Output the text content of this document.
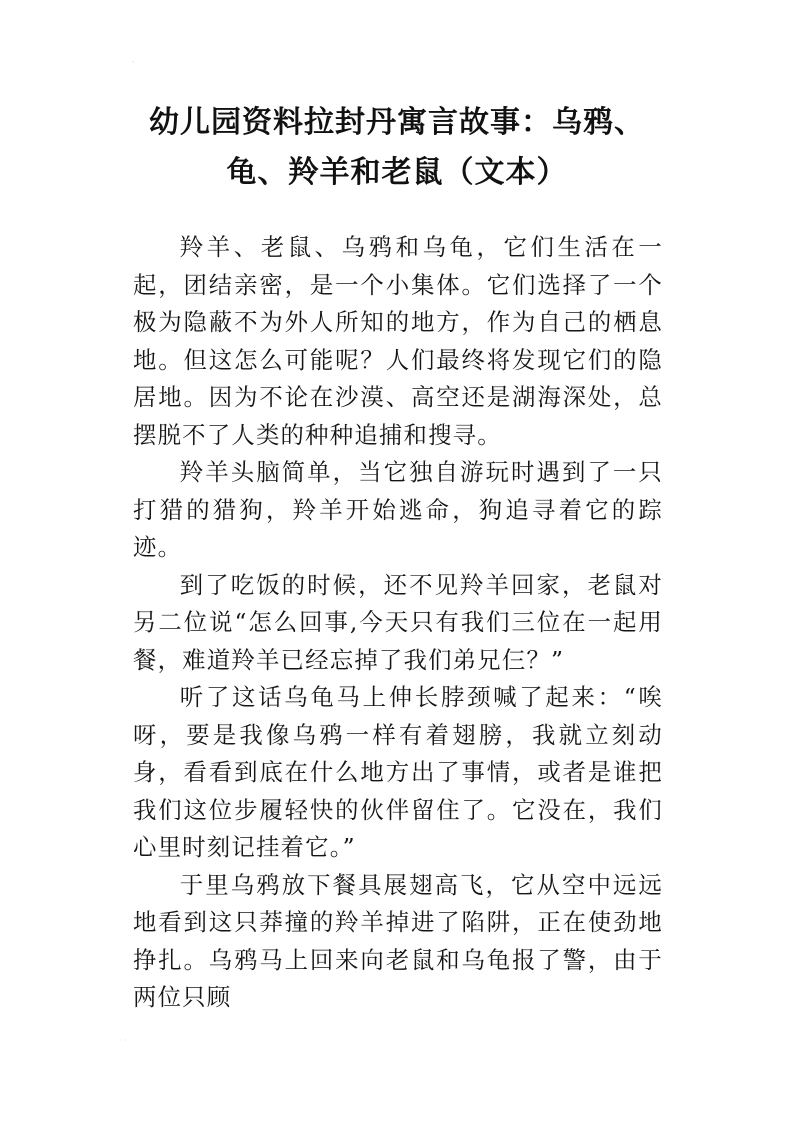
'
幼儿园资料拉封丹寓言故事：乌鸦、
龟、羚羊和老鼠（文本）

羚羊、老鼠、乌鸦和乌龟，它们生活在一起，团结亲密，是一个小集体。它们选择了一个极为隐蔽不为外人所知的地方，作为自己的栖息地。但这怎么可能呢？人们最终将发现它们的隐居地。因为不论在沙漠、高空还是湖海深处，总摆脱不了人类的种种追捕和搜寻。

羚羊头脑简单，当它独自游玩时遇到了一只打猎的猎狗，羚羊开始逃命，狗追寻着它的踪迹。

到了吃饭的时候，还不见羚羊回家，老鼠对另二位说“怎么回事,今天只有我们三位在一起用餐，难道羚羊已经忘掉了我们弟兄仨？”

听了这话乌龟马上伸长脖颈喊了起来：“唉呀，要是我像乌鸦一样有着翅膀，我就立刻动身，看看到底在什么地方出了事情，或者是谁把我们这位步履轻快的伙伴留住了。它没在，我们心里时刻记挂着它。”

于里乌鸦放下餐具展翅高飞，它从空中远远地看到这只莽撞的羚羊掉进了陷阱，正在使劲地挣扎。乌鸦马上回来向老鼠和乌龟报了警，由于两位只顾

·
